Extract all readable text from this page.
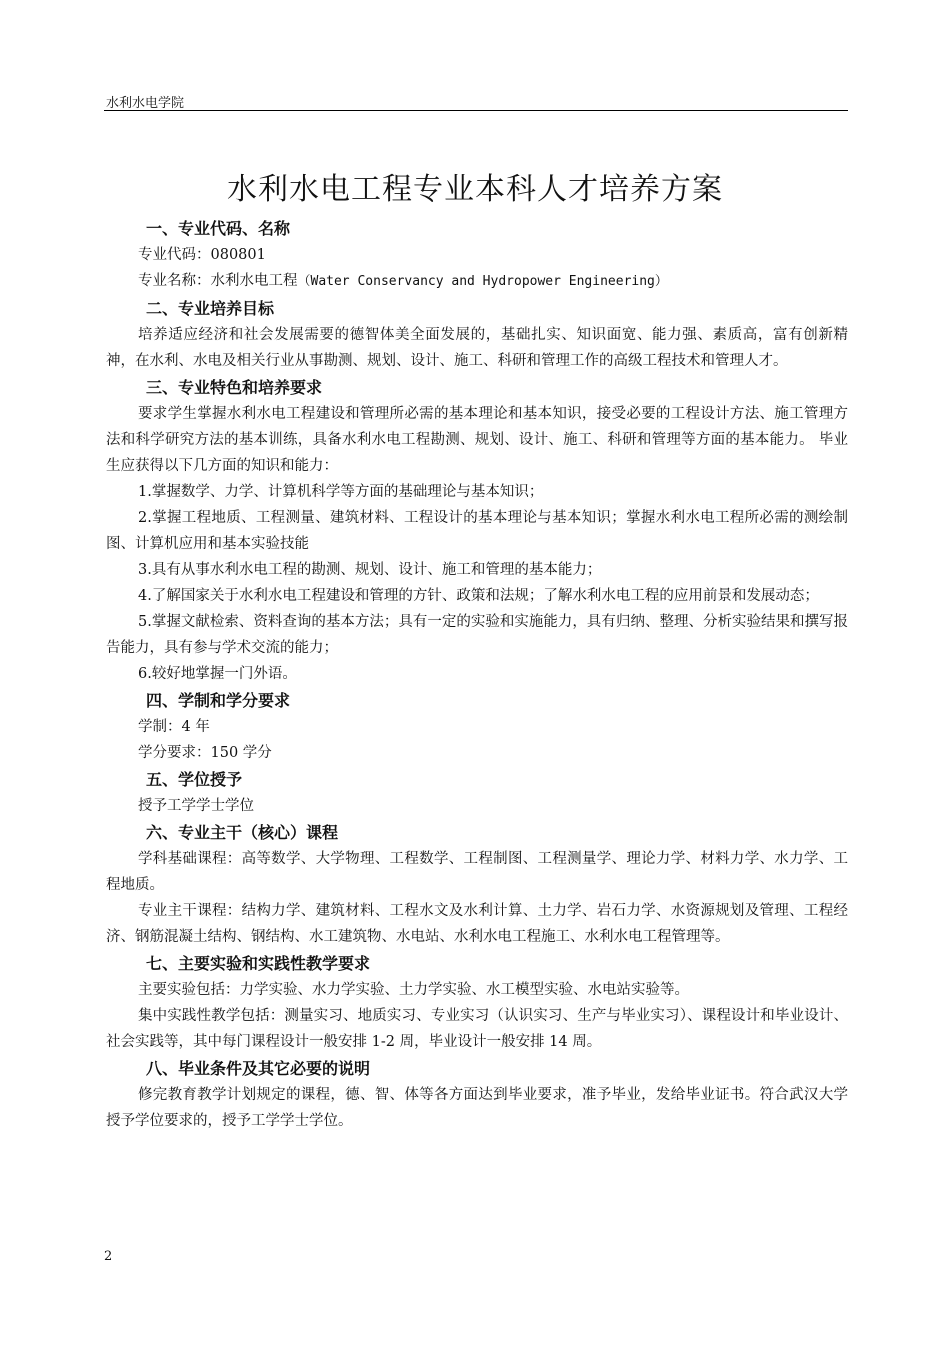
水利水电学院
水利水电工程专业本科人才培养方案
一、专业代码、名称

专业代码：080801

专业名称：水利水电工程（Water Conservancy and Hydropower Engineering）

二、专业培养目标

培养适应经济和社会发展需要的德智体美全面发展的，基础扎实、知识面宽、能力强、素质高，富有创新精神，在水利、水电及相关行业从事勘测、规划、设计、施工、科研和管理工作的高级工程技术和管理人才。

三、专业特色和培养要求

要求学生掌握水利水电工程建设和管理所必需的基本理论和基本知识，接受必要的工程设计方法、施工管理方法和科学研究方法的基本训练，具备水利水电工程勘测、规划、设计、施工、科研和管理等方面的基本能力。 毕业生应获得以下几方面的知识和能力：

1.掌握数学、力学、计算机科学等方面的基础理论与基本知识；

2.掌握工程地质、工程测量、建筑材料、工程设计的基本理论与基本知识；掌握水利水电工程所必需的测绘制图、计算机应用和基本实验技能

3.具有从事水利水电工程的勘测、规划、设计、施工和管理的基本能力；

4.了解国家关于水利水电工程建设和管理的方针、政策和法规；了解水利水电工程的应用前景和发展动态；

5.掌握文献检索、资料查询的基本方法；具有一定的实验和实施能力，具有归纳、整理、分析实验结果和撰写报告能力，具有参与学术交流的能力；

6.较好地掌握一门外语。

四、学制和学分要求

学制：4 年

学分要求：150 学分

五、学位授予

授予工学学士学位

六、专业主干（核心）课程

学科基础课程：高等数学、大学物理、工程数学、工程制图、工程测量学、理论力学、材料力学、水力学、工程地质。

专业主干课程：结构力学、建筑材料、工程水文及水利计算、土力学、岩石力学、水资源规划及管理、工程经济、钢筋混凝土结构、钢结构、水工建筑物、水电站、水利水电工程施工、水利水电工程管理等。

七、主要实验和实践性教学要求

主要实验包括：力学实验、水力学实验、土力学实验、水工模型实验、水电站实验等。

集中实践性教学包括：测量实习、地质实习、专业实习（认识实习、生产与毕业实习）、课程设计和毕业设计、社会实践等，其中每门课程设计一般安排 1-2 周，毕业设计一般安排 14 周。

八、毕业条件及其它必要的说明

修完教育教学计划规定的课程，德、智、体等各方面达到毕业要求，准予毕业，发给毕业证书。符合武汉大学授予学位要求的，授予工学学士学位。

2
